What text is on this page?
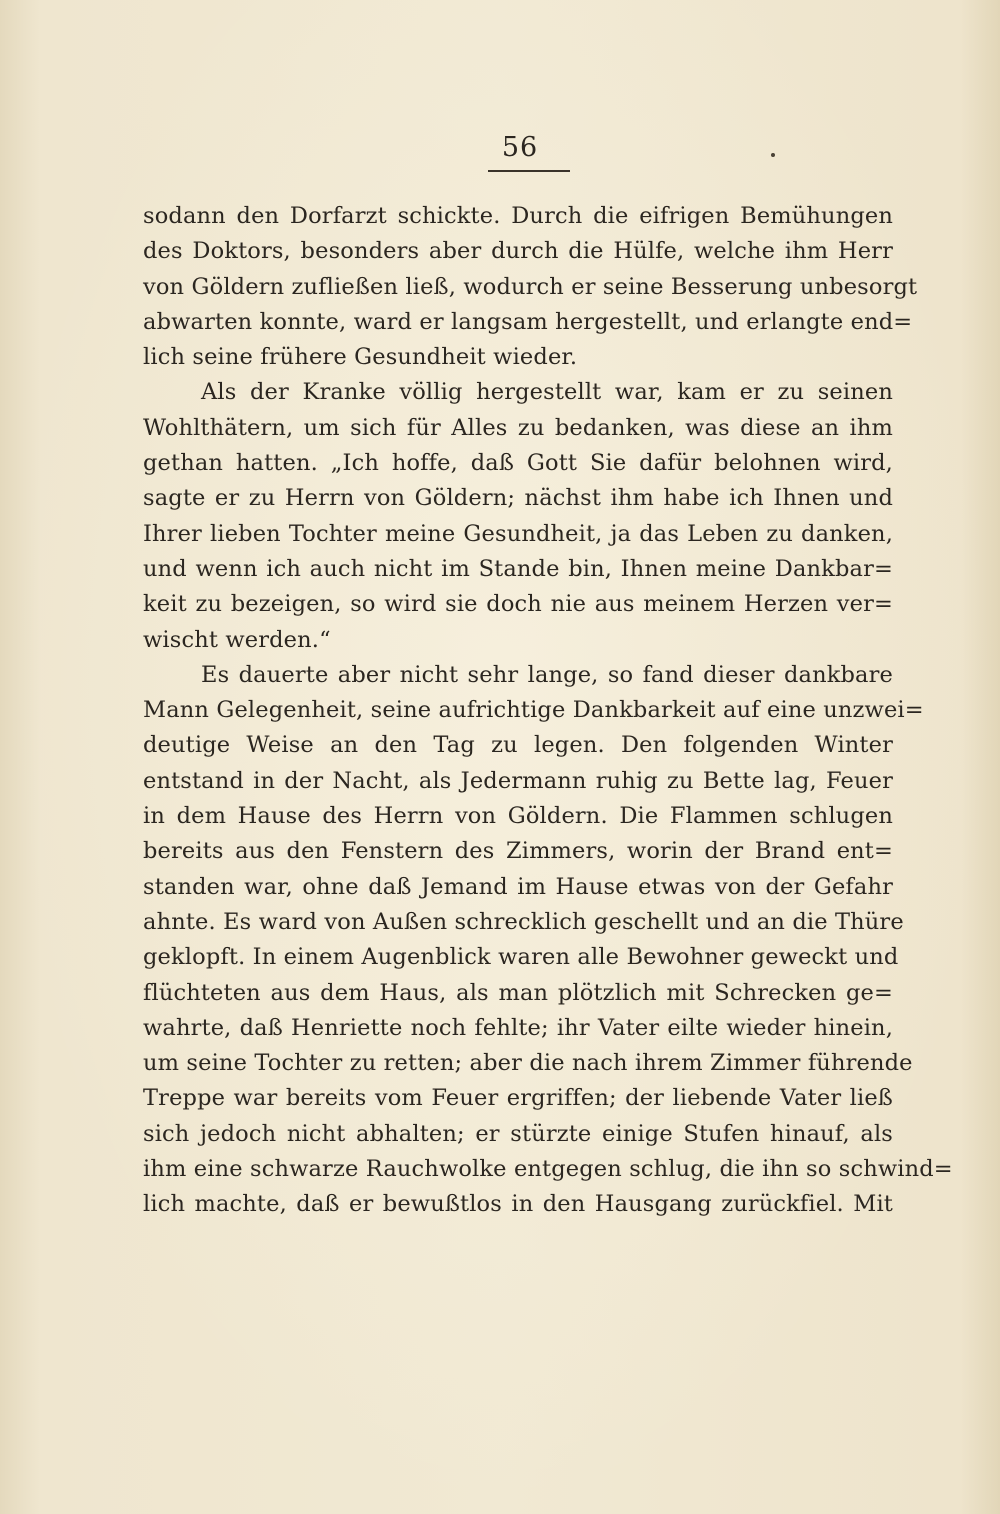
56
sodann den Dorfarzt schickte. Durch die eifrigen Bemühungen
des Doktors, besonders aber durch die Hülfe, welche ihm Herr
von Göldern zufließen ließ, wodurch er seine Besserung unbesorgt
abwarten konnte, ward er langsam hergestellt, und erlangte end=
lich seine frühere Gesundheit wieder.
Als der Kranke völlig hergestellt war, kam er zu seinen
Wohlthätern, um sich für Alles zu bedanken, was diese an ihm
gethan hatten. „Ich hoffe, daß Gott Sie dafür belohnen wird,
sagte er zu Herrn von Göldern; nächst ihm habe ich Ihnen und
Ihrer lieben Tochter meine Gesundheit, ja das Leben zu danken,
und wenn ich auch nicht im Stande bin, Ihnen meine Dankbar=
keit zu bezeigen, so wird sie doch nie aus meinem Herzen ver=
wischt werden.“
Es dauerte aber nicht sehr lange, so fand dieser dankbare
Mann Gelegenheit, seine aufrichtige Dankbarkeit auf eine unzwei=
deutige Weise an den Tag zu legen. Den folgenden Winter
entstand in der Nacht, als Jedermann ruhig zu Bette lag, Feuer
in dem Hause des Herrn von Göldern. Die Flammen schlugen
bereits aus den Fenstern des Zimmers, worin der Brand ent=
standen war, ohne daß Jemand im Hause etwas von der Gefahr
ahnte. Es ward von Außen schrecklich geschellt und an die Thüre
geklopft. In einem Augenblick waren alle Bewohner geweckt und
flüchteten aus dem Haus, als man plötzlich mit Schrecken ge=
wahrte, daß Henriette noch fehlte; ihr Vater eilte wieder hinein,
um seine Tochter zu retten; aber die nach ihrem Zimmer führende
Treppe war bereits vom Feuer ergriffen; der liebende Vater ließ
sich jedoch nicht abhalten; er stürzte einige Stufen hinauf, als
ihm eine schwarze Rauchwolke entgegen schlug, die ihn so schwind=
lich machte, daß er bewußtlos in den Hausgang zurückfiel. Mit
